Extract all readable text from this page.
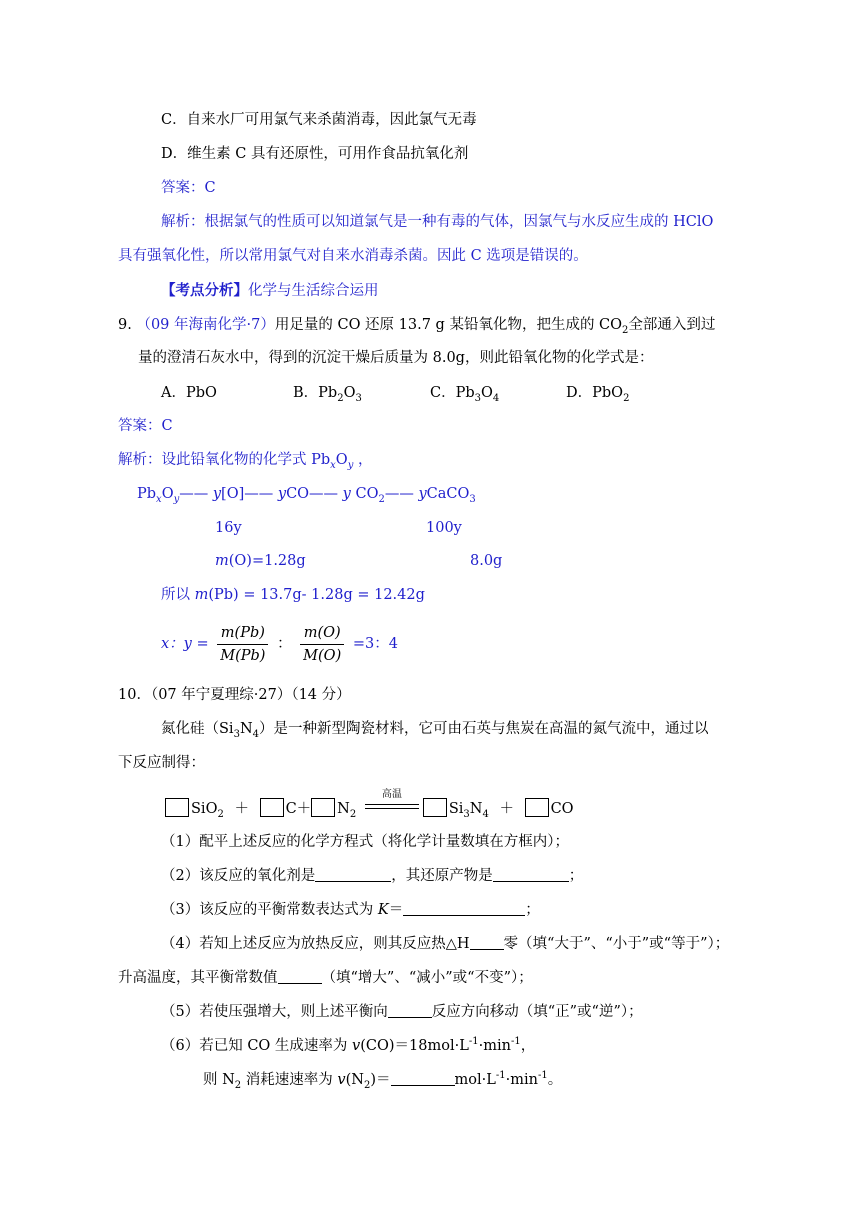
C．自来水厂可用氯气来杀菌消毒，因此氯气无毒
D．维生素 C 具有还原性，可用作食品抗氧化剂
答案：C
解析：根据氯气的性质可以知道氯气是一种有毒的气体，因氯气与水反应生成的 HClO
具有强氧化性，所以常用氯气对自来水消毒杀菌。因此 C 选项是错误的。
【考点分析】化学与生活综合运用
9. （09 年海南化学·7）用足量的 CO 还原 13.7 g 某铅氧化物，把生成的 $CO_2$全部通入到过
量的澄清石灰水中，得到的沉淀干燥后质量为 8.0g，则此铅氧化物的化学式是：
A．PbO	B．$Pb_2O_3$	C．$Pb_3O_4$	D．PbO$_2$
答案：C
解析：设此铅氧化物的化学式 $Pb_xO_y$ ，
$Pb_xO_y——$ y[O]—— yCO—— y $CO_2——$ yCaCO$_3$
16y	100y
m(O)=1.28g	8.0g
所以 m(Pb) = 13.7g- 1.28g = 12.42g
x：$y = \frac{m(Pb)}{M(Pb)}$ ： $\frac{m(O)}{M(O)} =3$：4
10．（07 年宁夏理综·27）（14 分）
氮化硅$(Si_3N_4)$是一种新型陶瓷材料，它可由石英与焦炭在高温的氮气流中，通过以
下反应制得：
SiO$_2$ ＋	$C+ N_2$
高温
$Si_3N_4$ ＋	CO
（1）配平上述反应的化学方程式（将化学计量数填在方框内）；
（2）该反应的氧化剂是	，其还原产物是	；
（3）该反应的平衡常数表达式为 K＝	；
（4）若知上述反应为放热反应，则其反应热△H 零（填“大于”、“小于”或“等于”）；
升高温度，其平衡常数值	（填“增大”、“减小”或“不变”）；
（5）若使压强增大，则上述平衡向	反应方向移动（填“正”或“逆”）；
（6）若已知 CO 生成速率为 $v(CO)=18mol\cdot L^{-1}\cdot\min^{-1}$，
则 $N_2$ 消耗速速率为 $v(N_2)=$	$mol\cdot L^{-1}\cdot\min^{-1}$。
